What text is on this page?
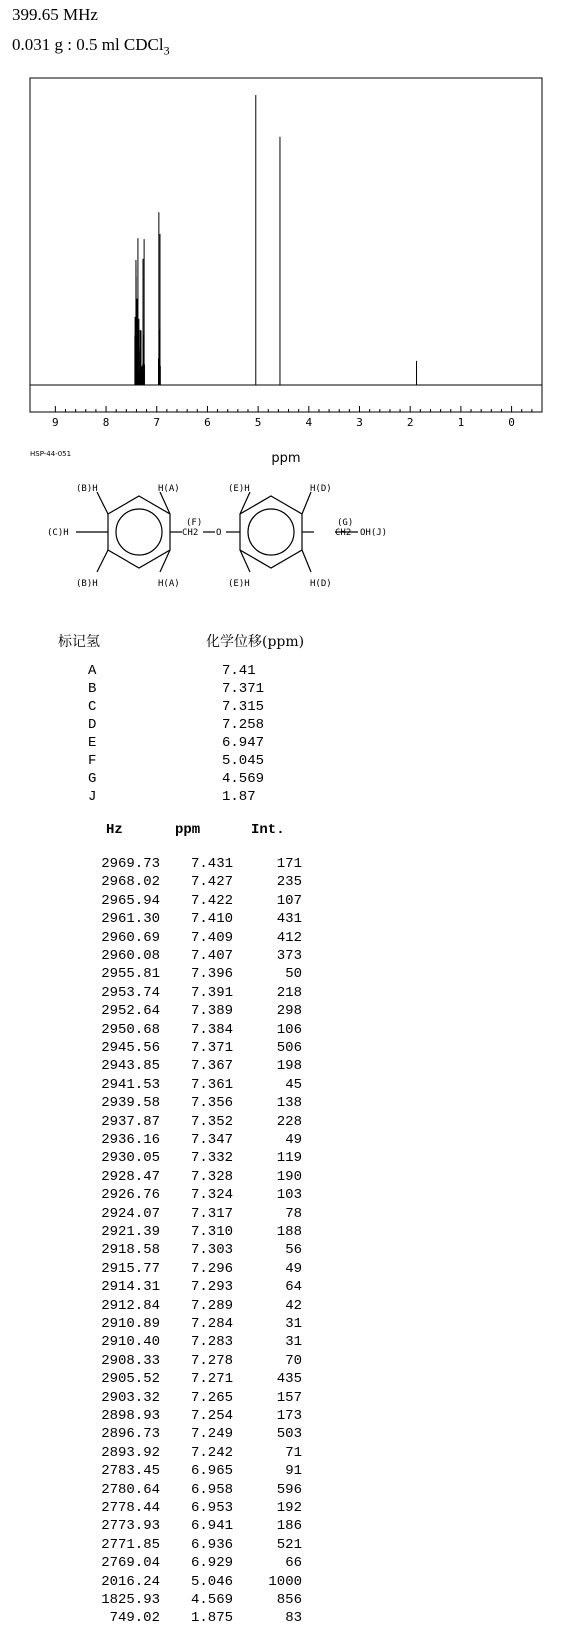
399.65 MHz
0.031 g : 0.5 ml CDCl$_3$
9	8	7	6	5	4	3	2	1	0
ppm
HSP-44-051
(B)H	H(A)
(C)H
(B)H	H(A)
(F)
CH2 O
(E)H	H(D)
(E)H	H(D)
(G)
CH2 OH(J)
标记氢	化学位移(ppm)
A	7.41
B	7.371
C	7.315
D	7.258
E	6.947
F	5.045
G	4.569
J	1.87
Hz	ppm	Int.
2969.73	7.431	171
2968.02	7.427	235
2965.94	7.422	107
2961.30	7.410	431
2960.69	7.409	412
2960.08	7.407	373
2955.81	7.396	50
2953.74	7.391	218
2952.64	7.389	298
2950.68	7.384	106
2945.56	7.371	506
2943.85	7.367	198
2941.53	7.361	45
2939.58	7.356	138
2937.87	7.352	228
2936.16	7.347	49
2930.05	7.332	119
2928.47	7.328	190
2926.76	7.324	103
2924.07	7.317	78
2921.39	7.310	188
2918.58	7.303	56
2915.77	7.296	49
2914.31	7.293	64
2912.84	7.289	42
2910.89	7.284	31
2910.40	7.283	31
2908.33	7.278	70
2905.52	7.271	435
2903.32	7.265	157
2898.93	7.254	173
2896.73	7.249	503
2893.92	7.242	71
2783.45	6.965	91
2780.64	6.958	596
2778.44	6.953	192
2773.93	6.941	186
2771.85	6.936	521
2769.04	6.929	66
2016.24	5.046	1000
1825.93	4.569	856
749.02	1.875	83
